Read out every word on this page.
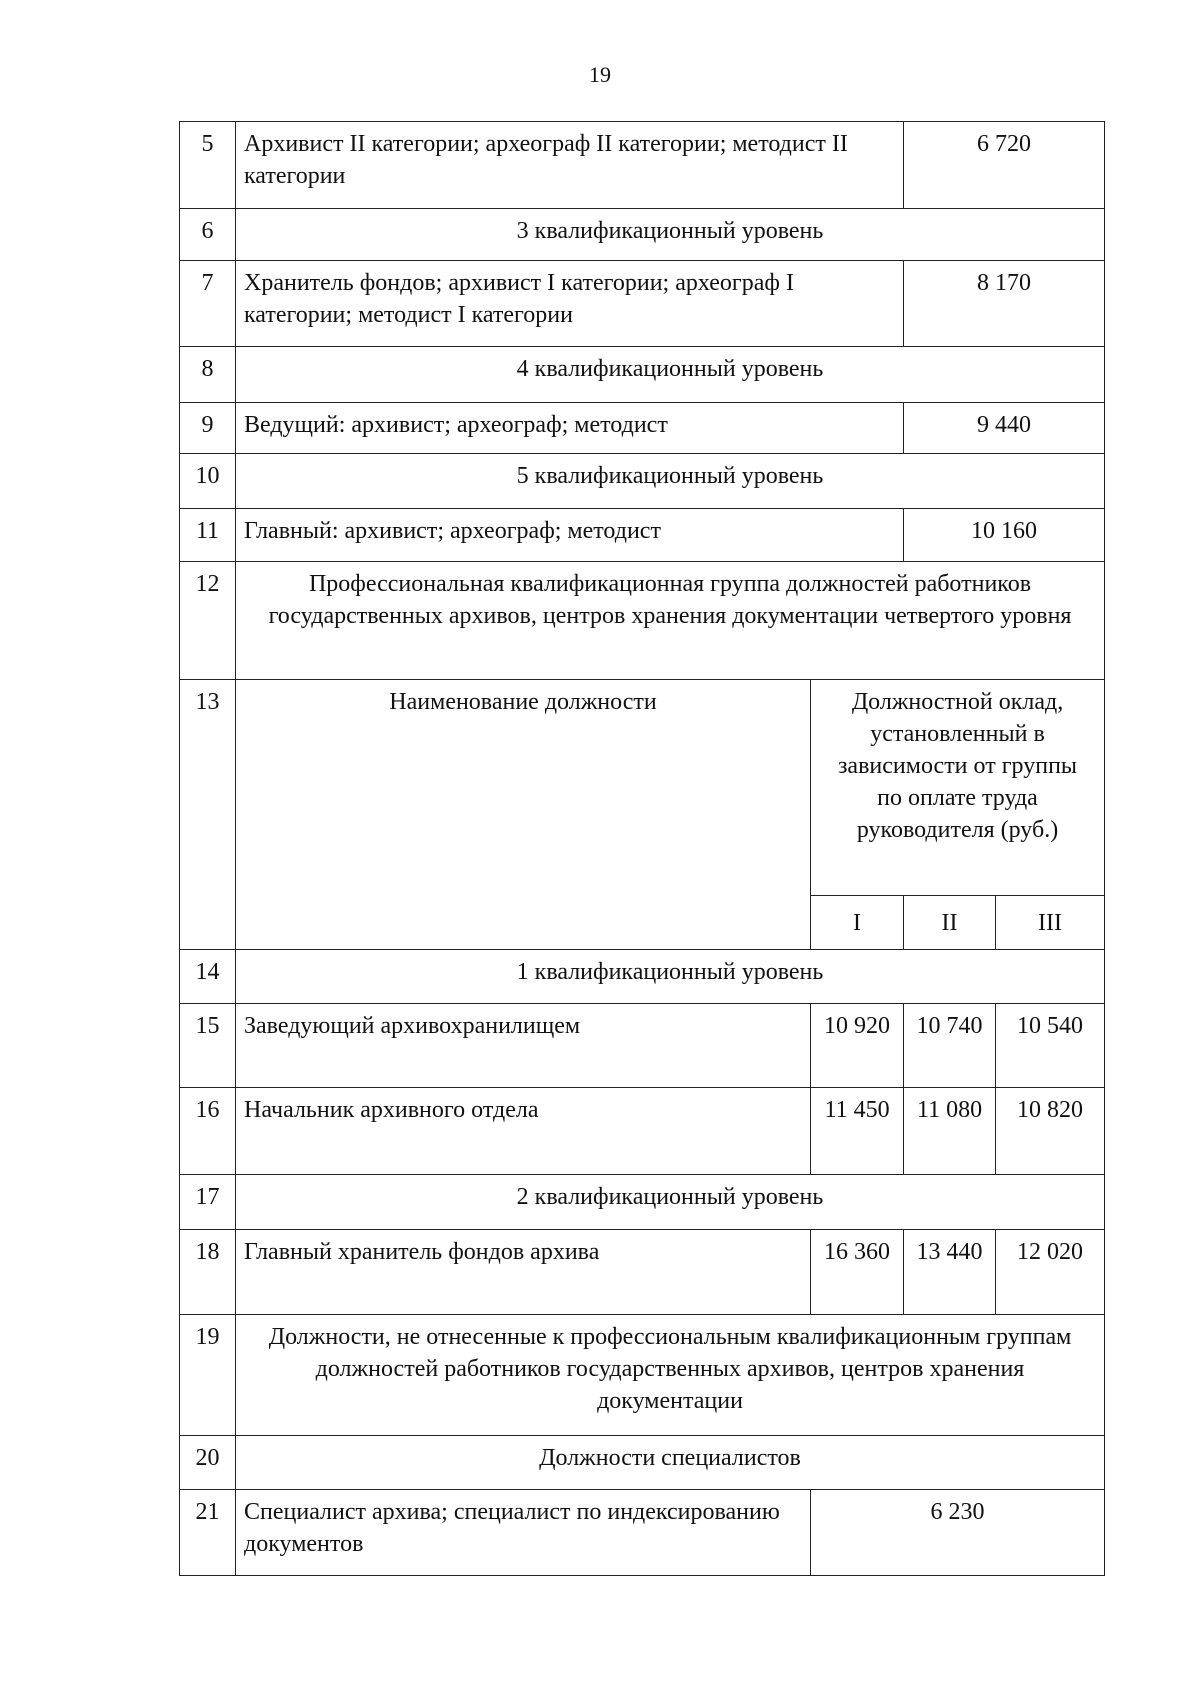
19
5	Архивист II категории; археограф II категории; методист II категории		6 720	
6	3 квалификационный уровень			
7	Хранитель фондов; архивист I категории; археограф I категории; методист I категории		8 170	
8	4 квалификационный уровень			
9	Ведущий: архивист; археограф; методист		9 440	
10	5 квалификационный уровень			
11	Главный: архивист; археограф; методист		10 160	
12	Профессиональная квалификационная группа должностей работников государственных архивов, центров хранения документации четвертого уровня			
13	Наименование должности	Должностной оклад, установленный в зависимости от группы по оплате труда руководителя (руб.)		
		I	II	III
14	1 квалификационный уровень			
15	Заведующий архивохранилищем	10 920	10 740	10 540
16	Начальник архивного отдела	11 450	11 080	10 820
17	2 квалификационный уровень			
18	Главный хранитель фондов архива	16 360	13 440	12 020
19	Должности, не отнесенные к профессиональным квалификационным группам должностей работников государственных архивов, центров хранения документации			
20	Должности специалистов			
21	Специалист архива; специалист по индексированию документов	6 230		
